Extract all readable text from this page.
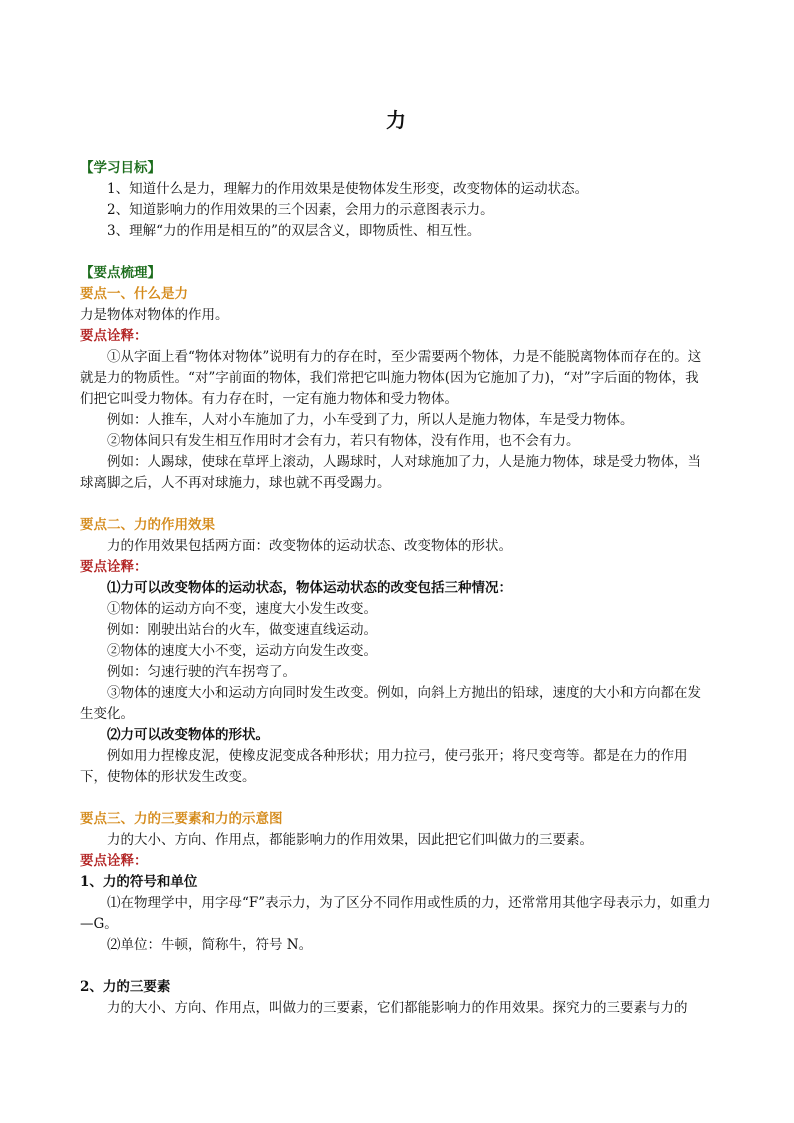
力
【学习目标】
1、知道什么是力，理解力的作用效果是使物体发生形变，改变物体的运动状态。
2、知道影响力的作用效果的三个因素，会用力的示意图表示力。
3、理解“力的作用是相互的”的双层含义，即物质性、相互性。
【要点梳理】
要点一、什么是力
力是物体对物体的作用。
要点诠释：
①从字面上看“物体对物体”说明有力的存在时，至少需要两个物体，力是不能脱离物体而存在的。这就是力的物质性。“对”字前面的物体，我们常把它叫施力物体(因为它施加了力)，“对”字后面的物体，我们把它叫受力物体。有力存在时，一定有施力物体和受力物体。
例如：人推车，人对小车施加了力，小车受到了力，所以人是施力物体，车是受力物体。
②物体间只有发生相互作用时才会有力，若只有物体，没有作用，也不会有力。
例如：人踢球，使球在草坪上滚动，人踢球时，人对球施加了力，人是施力物体，球是受力物体，当球离脚之后，人不再对球施力，球也就不再受踢力。
要点二、力的作用效果
力的作用效果包括两方面：改变物体的运动状态、改变物体的形状。
要点诠释：
⑴力可以改变物体的运动状态，物体运动状态的改变包括三种情况：
①物体的运动方向不变，速度大小发生改变。
例如：刚驶出站台的火车，做变速直线运动。
②物体的速度大小不变，运动方向发生改变。
例如：匀速行驶的汽车拐弯了。
③物体的速度大小和运动方向同时发生改变。例如，向斜上方抛出的铅球，速度的大小和方向都在发生变化。
⑵力可以改变物体的形状。
例如用力捏橡皮泥，使橡皮泥变成各种形状；用力拉弓，使弓张开；将尺变弯等。都是在力的作用下，使物体的形状发生改变。
要点三、力的三要素和力的示意图
力的大小、方向、作用点，都能影响力的作用效果，因此把它们叫做力的三要素。
要点诠释：
1、力的符号和单位
⑴在物理学中，用字母“F”表示力，为了区分不同作用或性质的力，还常常用其他字母表示力，如重力—G。
⑵单位：牛顿，简称牛，符号 N。
2、力的三要素
力的大小、方向、作用点，叫做力的三要素，它们都能影响力的作用效果。探究力的三要素与力的
